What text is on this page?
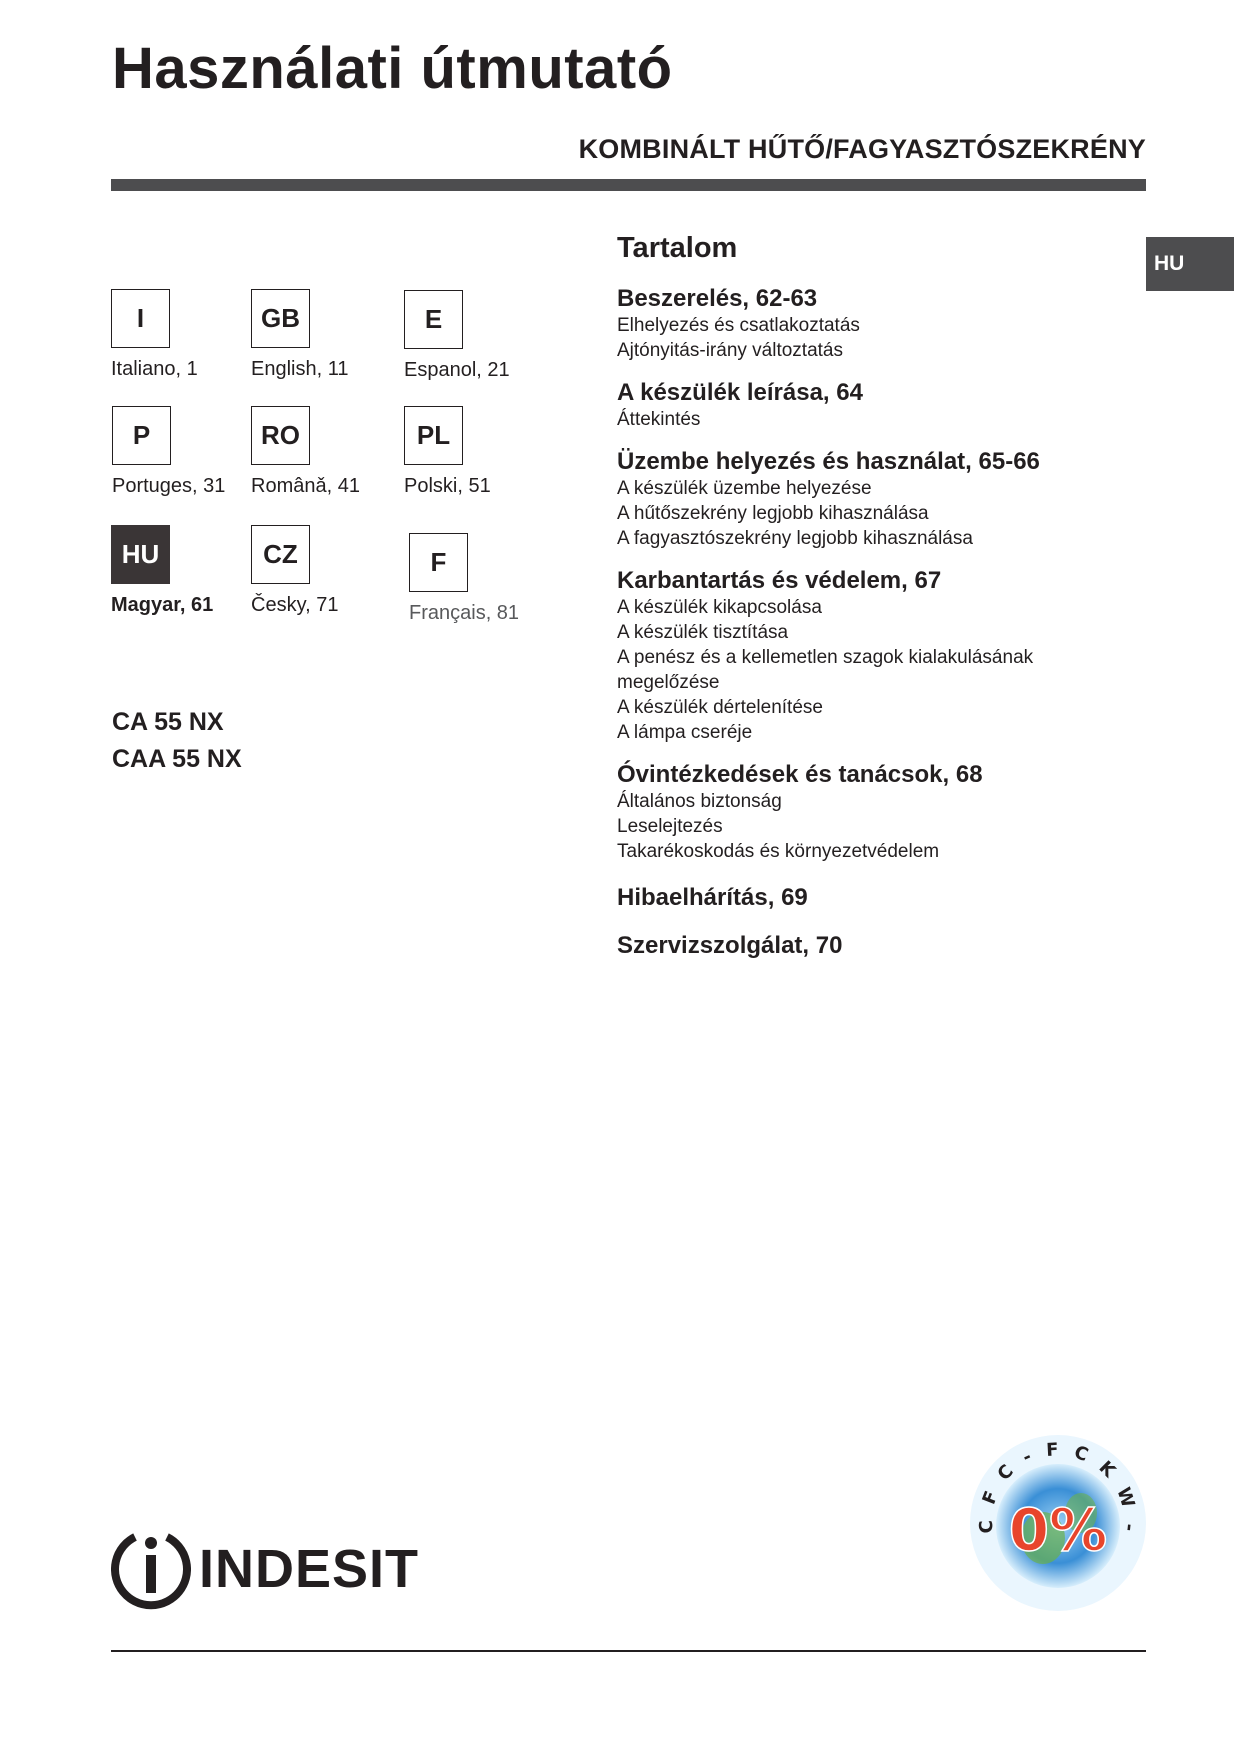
Használati útmutató
KOMBINÁLT HŰTŐ/FAGYASZTÓSZEKRÉNY
HU
I
Italiano, 1
GB
English, 11
E
Espanol, 21
P
Portuges, 31
RO
Românǎ, 41
PL
Polski, 51
HU
Magyar, 61
CZ
Česky, 71
F
Français, 81
CA 55 NX
CAA 55 NX
Tartalom
Beszerelés, 62-63
Elhelyezés és csatlakoztatás
Ajtónyitás-irány változtatás
A készülék leírása, 64
Áttekintés
Üzembe helyezés és használat, 65-66
A készülék üzembe helyezése
A hűtőszekrény legjobb kihasználása
A fagyasztószekrény legjobb kihasználása
Karbantartás és védelem, 67
A készülék kikapcsolása
A készülék tisztítása
A penész és a kellemetlen szagok kialakulásának
megelőzése
A készülék dértelenítése
A lámpa cseréje
Óvintézkedések és tanácsok, 68
Általános biztonság
Leselejtezés
Takarékoskodás és környezetvédelem
Hibaelhárítás, 69
Szervizszolgálat, 70
INDESIT
C F C - F C K W -
0%
